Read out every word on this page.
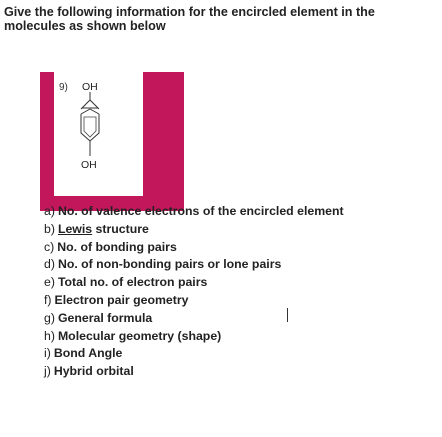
Give the following information for the encircled element in the molecules as shown below
9) OH
OH
a) No. of valence electrons of the encircled element
b) Lewis structure
c) No. of bonding pairs
d) No. of non-bonding pairs or lone pairs
e) Total no. of electron pairs
f) Electron pair geometry
g) General formula
h) Molecular geometry (shape)
i) Bond Angle
j) Hybrid orbital
